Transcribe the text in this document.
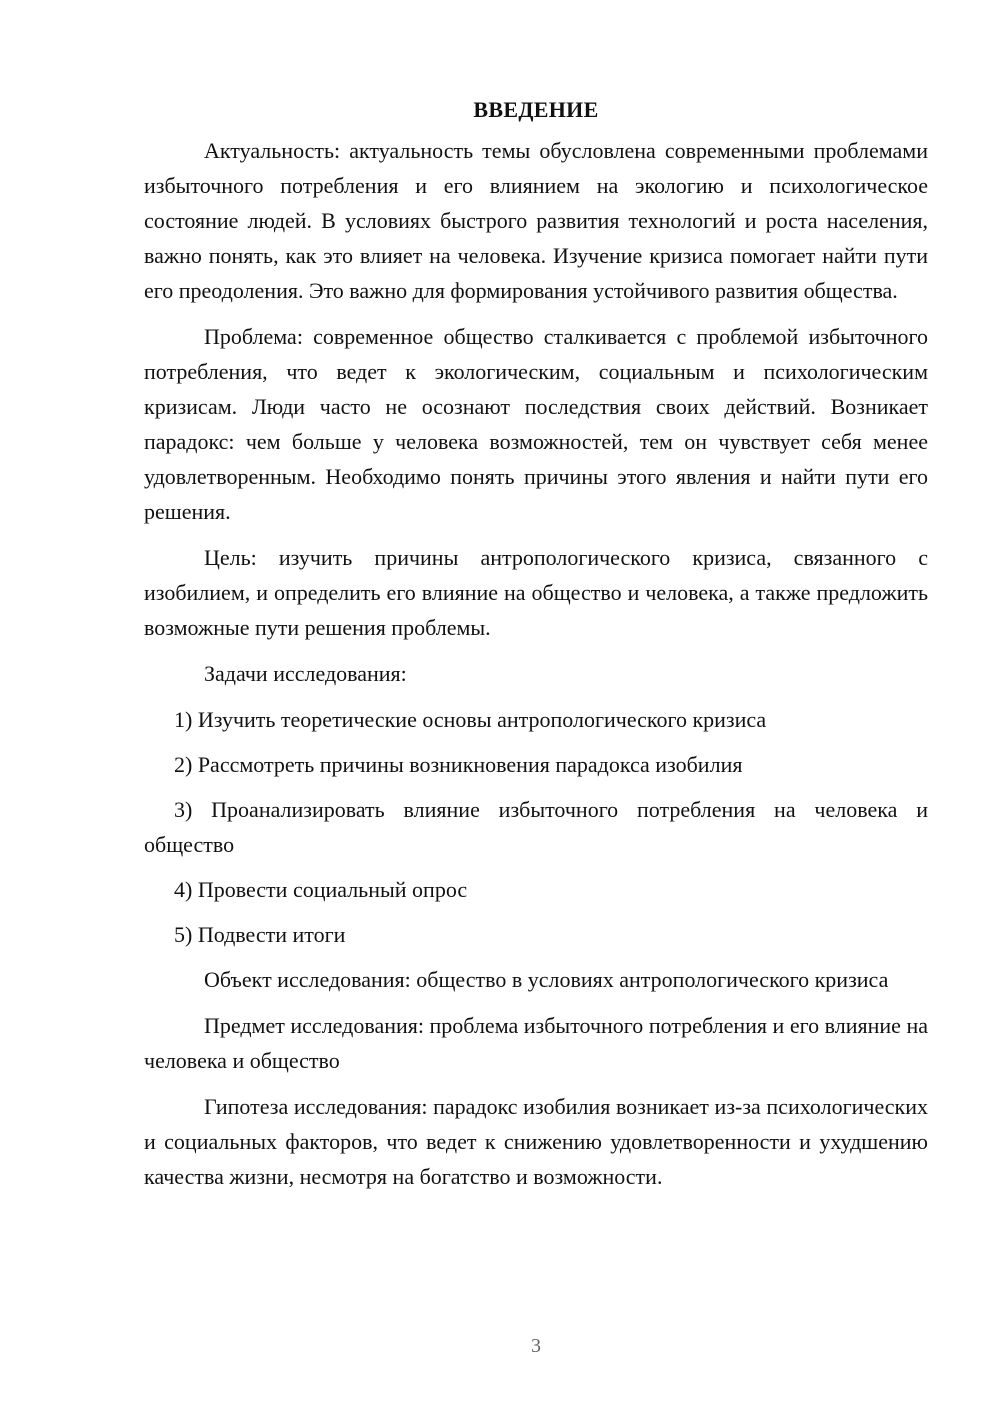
ВВЕДЕНИЕ

Актуальность: актуальность темы обусловлена современными проблемами избыточного потребления и его влиянием на экологию и психологическое состояние людей. В условиях быстрого развития технологий и роста населения, важно понять, как это влияет на человека. Изучение кризиса помогает найти пути его преодоления. Это важно для формирования устойчивого развития общества.

Проблема: современное общество сталкивается с проблемой избыточного потребления, что ведет к экологическим, социальным и психологическим кризисам. Люди часто не осознают последствия своих действий. Возникает парадокс: чем больше у человека возможностей, тем он чувствует себя менее удовлетворенным. Необходимо понять причины этого явления и найти пути его решения.

Цель: изучить причины антропологического кризиса, связанного с изобилием, и определить его влияние на общество и человека, а также предложить возможные пути решения проблемы.

Задачи исследования:

1) Изучить теоретические основы антропологического кризиса

2) Рассмотреть причины возникновения парадокса изобилия

3) Проанализировать влияние избыточного потребления на человека и общество

4) Провести социальный опрос

5) Подвести итоги

Объект исследования: общество в условиях антропологического кризиса

Предмет исследования: проблема избыточного потребления и его влияние на человека и общество

Гипотеза исследования: парадокс изобилия возникает из-за психологических и социальных факторов, что ведет к снижению удовлетворенности и ухудшению качества жизни, несмотря на богатство и возможности.

3
